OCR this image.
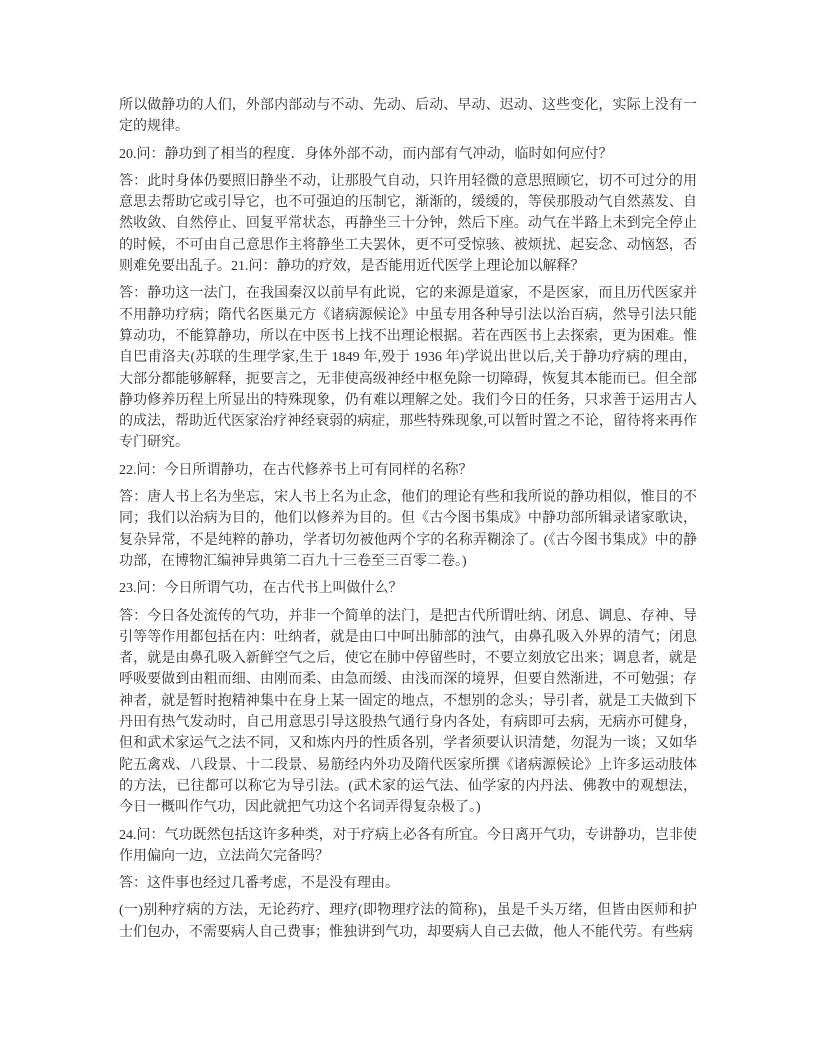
所以做静功的人们，外部内部动与不动、先动、后动、早动、迟动、这些变化，实际上没有一定的规律。

20.问：静功到了相当的程度．身体外部不动，而内部有气冲动，临时如何应付？

答：此时身体仍要照旧静坐不动，让那股气自动，只许用轻微的意思照顾它，切不可过分的用意思去帮助它或引导它，也不可强迫的压制它，渐渐的，缓缓的，等侯那股动气自然蒸发、自然收敛、自然停止、回复平常状态，再静坐三十分钟，然后下座。动气在半路上未到完全停止的时候，不可由自己意思作主将静坐工夫罢休，更不可受惊骇、被烦扰、起妄念、动恼怒，否则难免要出乱子。21.问：静功的疗效，是否能用近代医学上理论加以解释？

答：静功这一法门，在我国秦汉以前早有此说，它的来源是道家，不是医家，而且历代医家并不用静功疗病；隋代名医巢元方《诸病源候论》中虽专用各种导引法以治百病，然导引法只能算动功，不能算静功，所以在中医书上找不出理论根据。若在西医书上去探索，更为困难。惟自巴甫洛夫(苏联的生理学家,生于 1849 年,殁于 1936 年)学说出世以后,关于静功疗病的理由，大部分都能够解释，扼要言之，无非使高级神经中枢免除一切障碍，恢复其本能而已。但全部静功修养历程上所显出的特殊现象，仍有难以理解之处。我们今日的任务，只求善于运用古人的成法，帮助近代医家治疗神经衰弱的病症，那些特殊现象,可以暂时置之不论，留待将来再作专门研究。

22.问：今日所谓静功，在古代修养书上可有同样的名称？

答：唐人书上名为坐忘，宋人书上名为止念，他们的理论有些和我所说的静功相似，惟目的不同；我们以治病为目的，他们以修养为目的。但《古今图书集成》中静功部所辑录诸家歌诀，复杂异常，不是纯粹的静功，学者切勿被他两个字的名称弄糊涂了。(《古今图书集成》中的静功部，在博物汇编神异典第二百九十三卷至三百零二卷。)

23.问：今日所谓气功，在古代书上叫做什么？

答：今日各处流传的气功，并非一个简单的法门，是把古代所谓吐纳、闭息、调息、存神、导引等等作用都包括在内：吐纳者，就是由口中呵出肺部的浊气，由鼻孔吸入外界的清气；闭息者，就是由鼻孔吸入新鲜空气之后，使它在肺中停留些时，不要立刻放它出来；调息者，就是呼吸要做到由粗而细、由刚而柔、由急而缓、由浅而深的境界，但要自然渐进，不可勉强；存神者，就是暂时抱精神集中在身上某一固定的地点，不想别的念头；导引者，就是工夫做到下丹田有热气发动时，自己用意思引导这股热气通行身内各处，有病即可去病，无病亦可健身，但和武术家运气之法不同，又和炼内丹的性质各别，学者须要认识清楚，勿混为一谈；又如华陀五禽戏、八段景、十二段景、易筋经内外功及隋代医家所撰《诸病源候论》上许多运动肢体的方法，已往都可以称它为导引法。(武术家的运气法、仙学家的内丹法、佛教中的观想法，今日一概叫作气功，因此就把气功这个名词弄得复杂极了。)

24.问：气功既然包括这许多种类，对于疗病上必各有所宜。今日离开气功，专讲静功，岂非使作用偏向一边，立法尚欠完备吗？

答：这件事也经过几番考虑，不是没有理由。

(一)别种疗病的方法，无论药疗、理疗(即物理疗法的简称)，虽是千头万绪，但皆由医师和护士们包办，不需要病人自己费事；惟独讲到气功，却要病人自己去做，他人不能代劳。有些病
